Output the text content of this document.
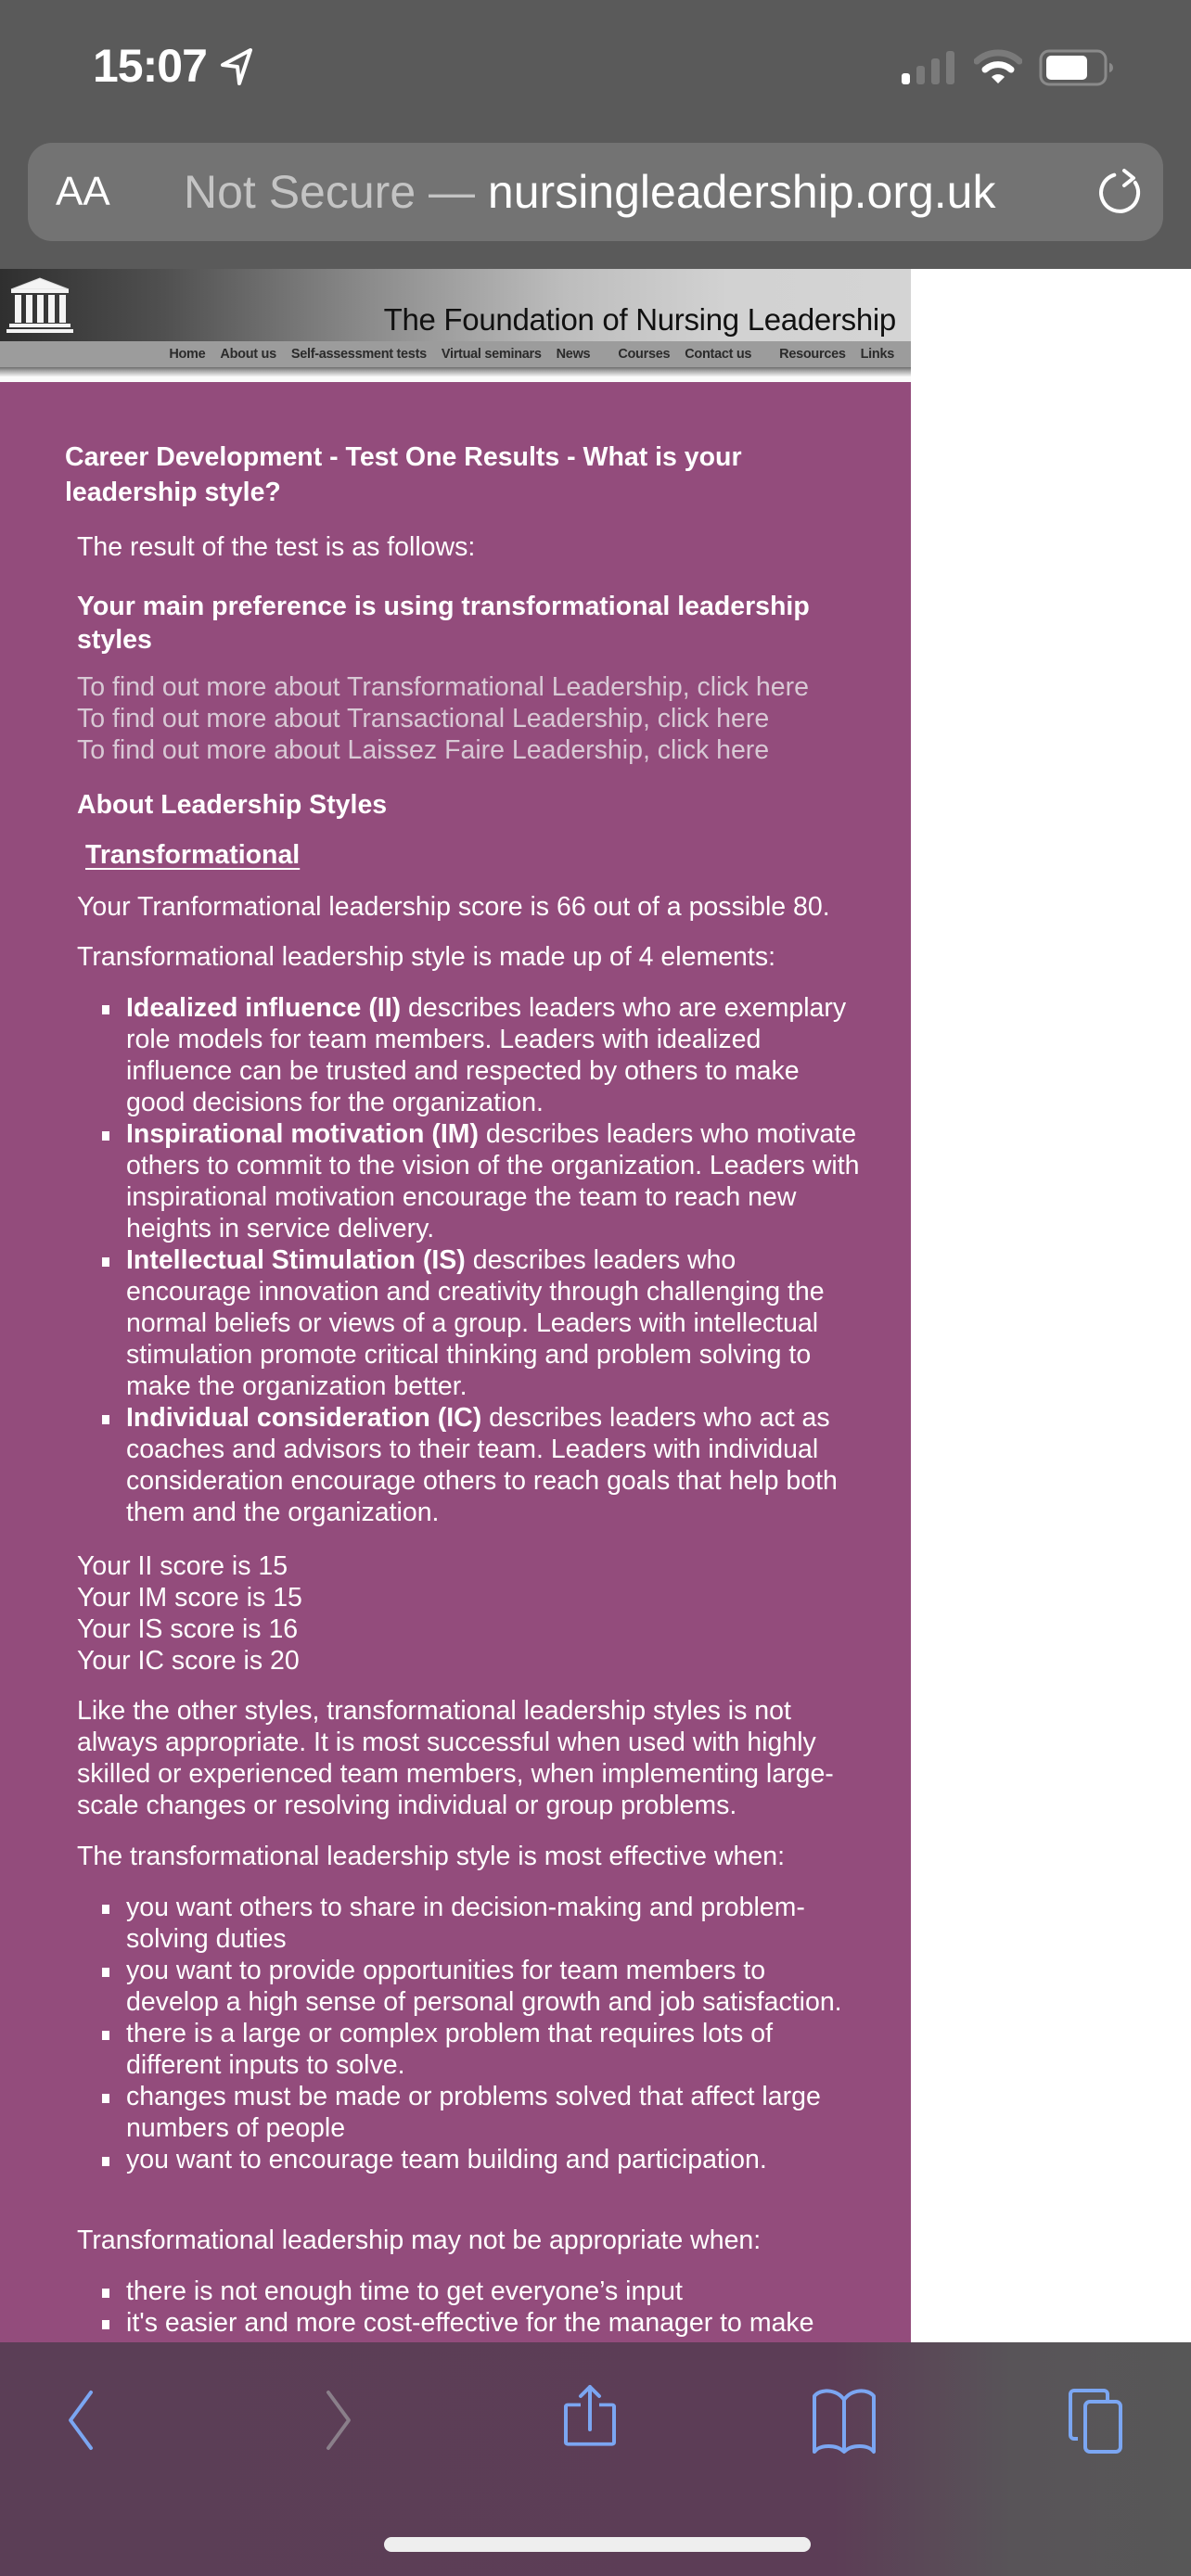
15:07
AA Not Secure — nursingleadership.org.uk
The Foundation of Nursing Leadership
Home	About us	Self-assessment tests	Virtual seminars	News	Courses	Contact us	Resources	Links
Career Development - Test One Results - What is your leadership style?

The result of the test is as follows:

Your main preference is using transformational leadership styles
To find out more about Transformational Leadership, click here
To find out more about Transactional Leadership, click here
To find out more about Laissez Faire Leadership, click here
About Leadership Styles
Transformational

Your Tranformational leadership score is 66 out of a possible 80.

Transformational leadership style is made up of 4 elements:

Idealized influence (II) describes leaders who are exemplary role models for team members. Leaders with idealized influence can be trusted and respected by others to make good decisions for the organization.
Inspirational motivation (IM) describes leaders who motivate others to commit to the vision of the organization. Leaders with inspirational motivation encourage the team to reach new heights in service delivery.
Intellectual Stimulation (IS) describes leaders who encourage innovation and creativity through challenging the normal beliefs or views of a group. Leaders with intellectual stimulation promote critical thinking and problem solving to make the organization better.
Individual consideration (IC) describes leaders who act as coaches and advisors to their team. Leaders with individual consideration encourage others to reach goals that help both them and the organization.
Your II score is 15
Your IM score is 15
Your IS score is 16
Your IC score is 20

Like the other styles, transformational leadership styles is not always appropriate. It is most successful when used with highly skilled or experienced team members, when implementing large-scale changes or resolving individual or group problems.

The transformational leadership style is most effective when:

you want others to share in decision-making and problem-solving duties
you want to provide opportunities for team members to develop a high sense of personal growth and job satisfaction.
there is a large or complex problem that requires lots of different inputs to solve.
changes must be made or problems solved that affect large numbers of people
you want to encourage team building and participation.

Transformational leadership may not be appropriate when:

there is not enough time to get everyone’s input
it's easier and more cost-effective for the manager to make
